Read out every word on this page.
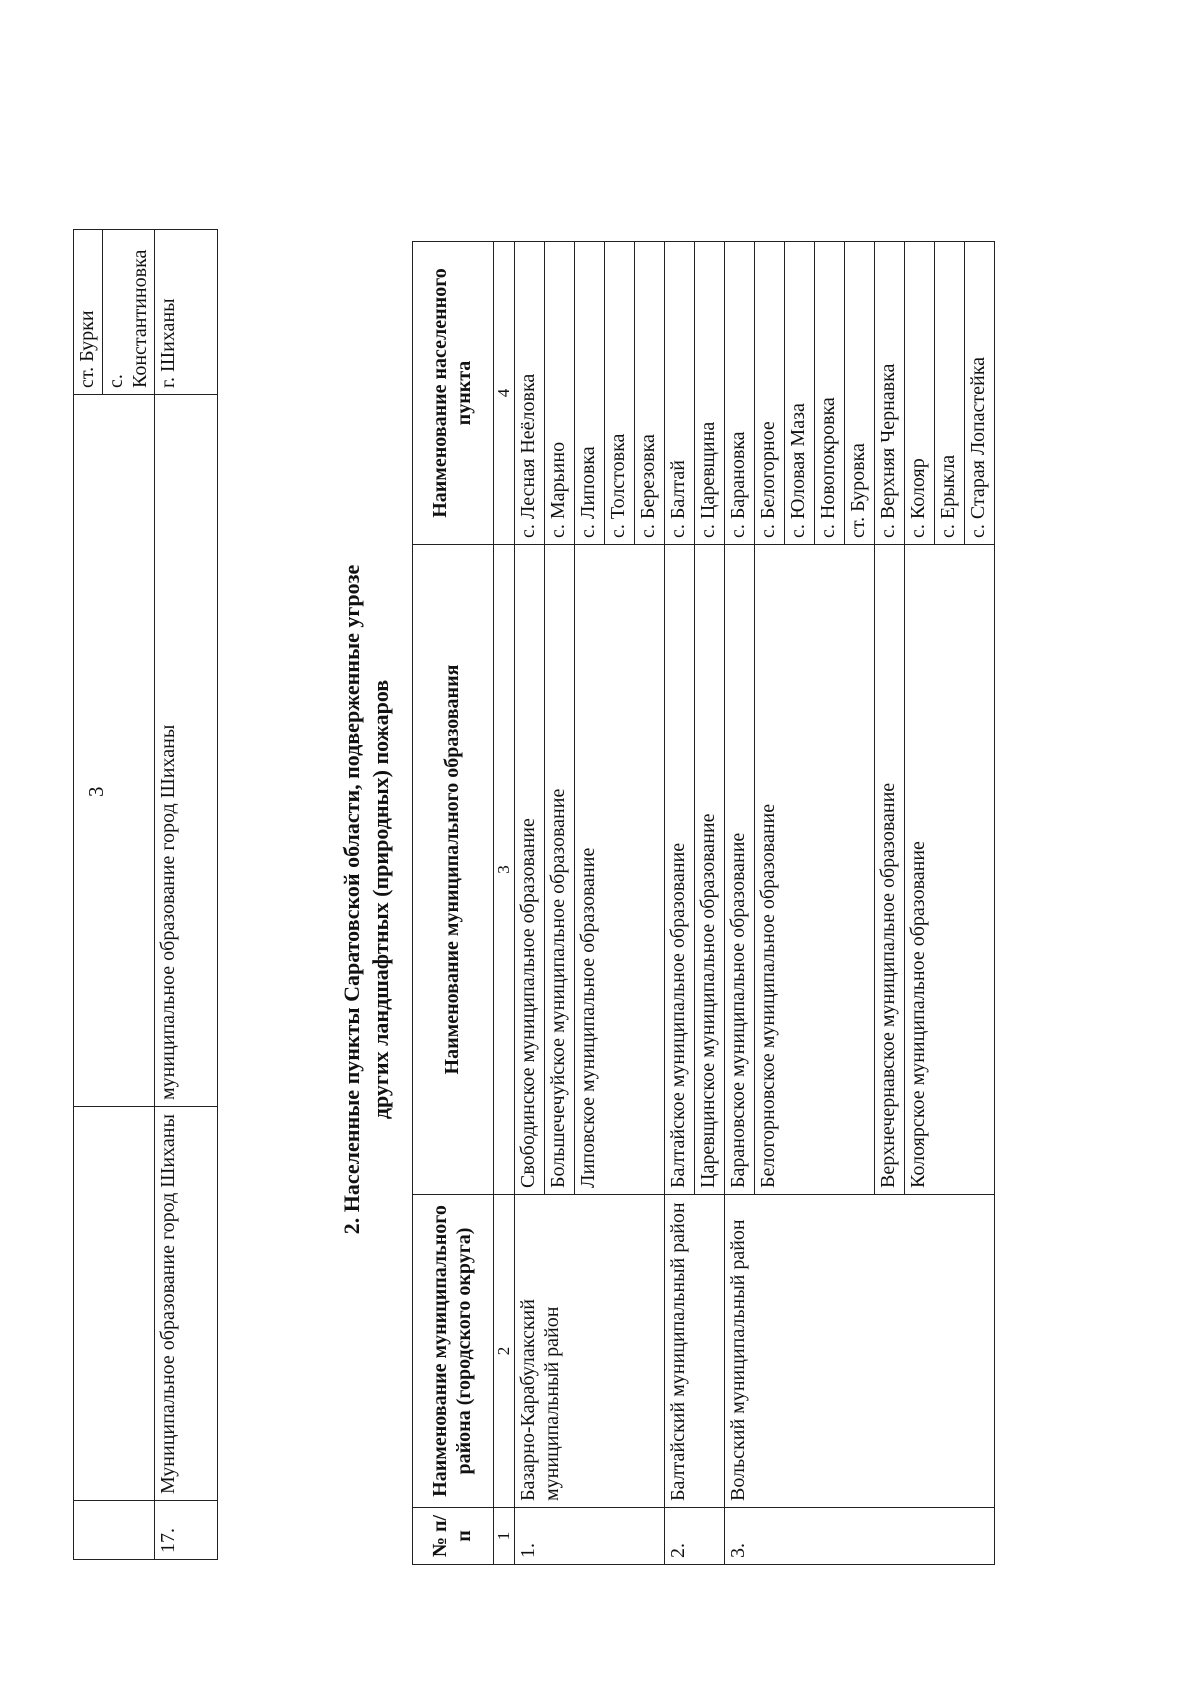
3
			ст. Бурки
			с. Константиновка
17.	Муниципальное образование город Шиханы	муниципальное образование город Шиханы	г. Шиханы
2. Населенные пункты Саратовской области, подверженные угрозе других ландшафтных (природных) пожаров
№ п/п	Наименование муниципального района (городского округа)	Наименование муниципального образования	Наименование населенного пункта
1	2	3	4
1.	Базарно-Карабулакский муниципальный район	Свободинское муниципальное образование	с. Лесная Неёловка
		Большечечуйское муниципальное образование	с. Марьино
		Липовское муниципальное образование	с. Липовка
			с. Толстовка
			с. Березовка
2.	Балтайский муниципальный район	Балтайское муниципальное образование	с. Балтай
		Царевщинское муниципальное образование	с. Царевщина
3.	Вольский муниципальный район	Барановское муниципальное образование	с. Барановка
		Белогорновское муниципальное образование	с. Белогорное
			с. Юловая Маза
			с. Новопокровка
			ст. Буровка
		Верхнечернавское муниципальное образование	с. Верхняя Чернавка
		Колоярское муниципальное образование	с. Колояр
			с. Ерыкла
			с. Старая Лопастейка
